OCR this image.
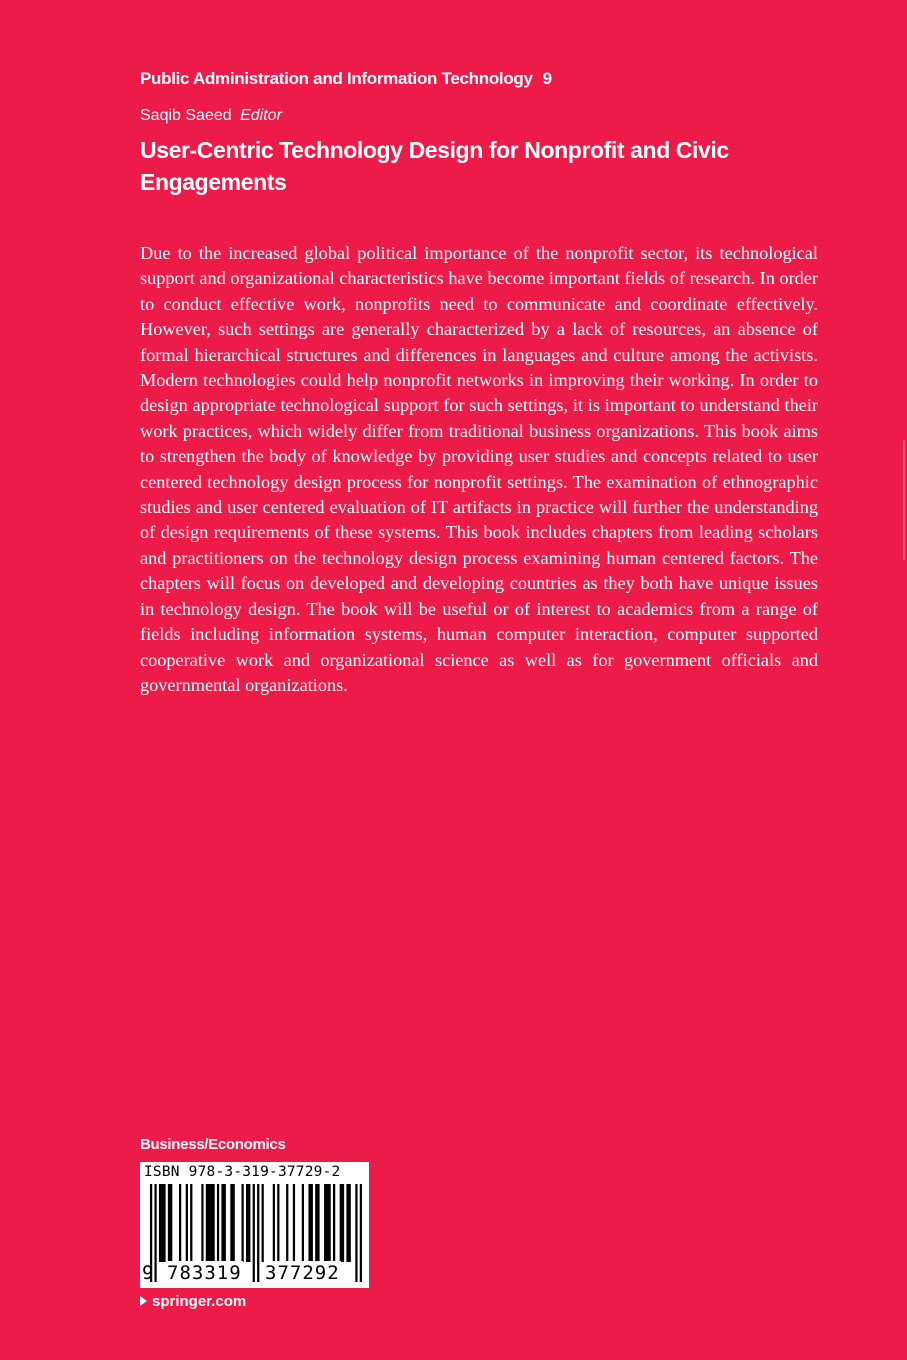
Public Administration and Information Technology 9
Saqib Saeed Editor
User-Centric Technology Design for Nonprofit and Civic Engagements
Due to the increased global political importance of the nonprofit sector, its technological support and organizational characteristics have become important fields of research. In order to conduct effective work, nonprofits need to communicate and coordinate effectively. However, such settings are generally characterized by a lack of resources, an absence of formal hierarchical structures and differences in languages and culture among the activists. Modern technologies could help nonprofit networks in improving their working. In order to design appropriate technological support for such settings, it is important to understand their work practices, which widely differ from traditional business organizations. This book aims to strengthen the body of knowledge by providing user studies and concepts related to user centered technology design process for nonprofit settings. The examination of ethnographic studies and user centered evaluation of IT artifacts in practice will further the understanding of design requirements of these systems. This book includes chapters from leading scholars and practitioners on the technology design process examining human centered factors. The chapters will focus on developed and developing countries as they both have unique issues in technology design. The book will be useful or of interest to academics from a range of fields including information systems, human computer interaction, computer supported cooperative work and organizational science as well as for government officials and governmental organizations.
Business/Economics
ISBN 978-3-319-37729-2
9 783319 377292
springer.com
